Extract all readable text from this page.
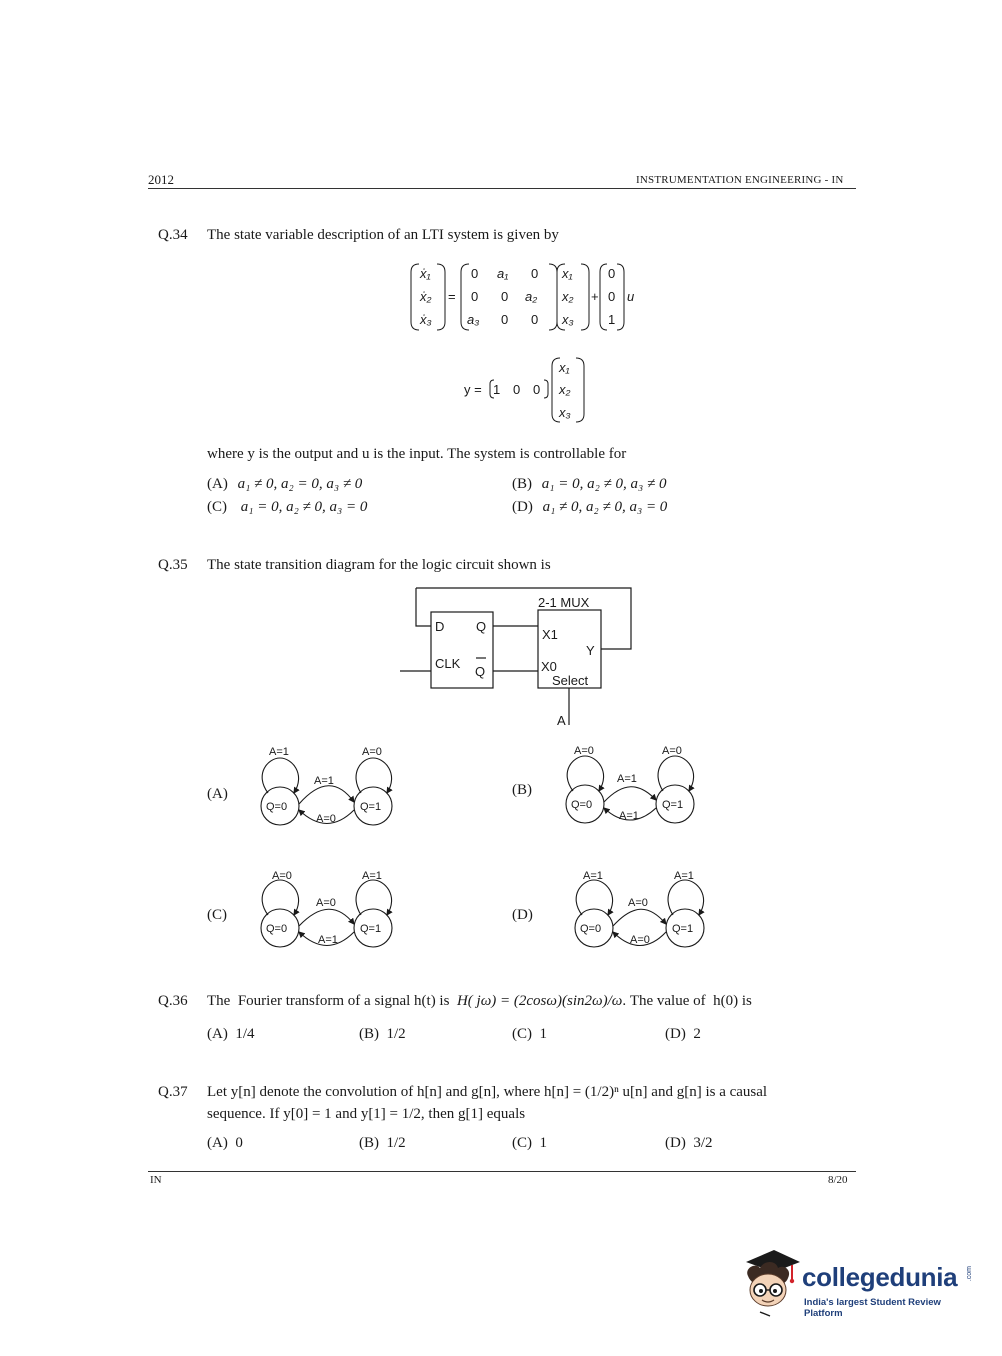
2012	INSTRUMENTATION ENGINEERING - IN
Q.34 The state variable description of an LTI system is given by
ẋ₁
ẋ₂
ẋ₃
=
0 a₁ 0
0 0 a₂
a₃ 0 0
x₁
x₂
x₃
+
0
0
1
u
y = 1 0 0
x₁
x₂
x₃
where y is the output and u is the input. The system is controllable for
(A) a₁ ≠ 0, a₂ = 0, a₃ ≠ 0	(B) a₁ = 0, a₂ ≠ 0, a₃ ≠ 0
(C) a₁ = 0, a₂ ≠ 0, a₃ = 0	(D) a₁ ≠ 0, a₂ ≠ 0, a₃ = 0
Q.35 The state transition diagram for the logic circuit shown is
2-1 MUX
D Q
CLK
Q
X1
Y
X0
Select
A
(A)	(B)
(C)	(D)
A=1	A=0
A=1
A=0
Q=0	Q=1
A=0	A=0
A=1
A=1
Q=0	Q=1
A=0	A=1
A=0
A=1
Q=0	Q=1
A=1	A=1
A=0
A=0
Q=0	Q=1
Q.36 The  Fourier transform of a signal h(t) is H( jω) = (2cosω)(sin2ω)/ω. The value of  h(0) is
(A) 1/4	(B) 1/2	(C) 1	(D) 2
Q.37 Let y[n] denote the convolution of h[n] and g[n], where h[n] = (1/2)ⁿ u[n] and g[n] is a causal
sequence. If y[0] = 1 and y[1] = 1/2, then g[1] equals
(A) 0	(B) 1/2	(C) 1	(D) 3/2
IN	8/20
collegedunia .com
India's largest Student Review Platform
